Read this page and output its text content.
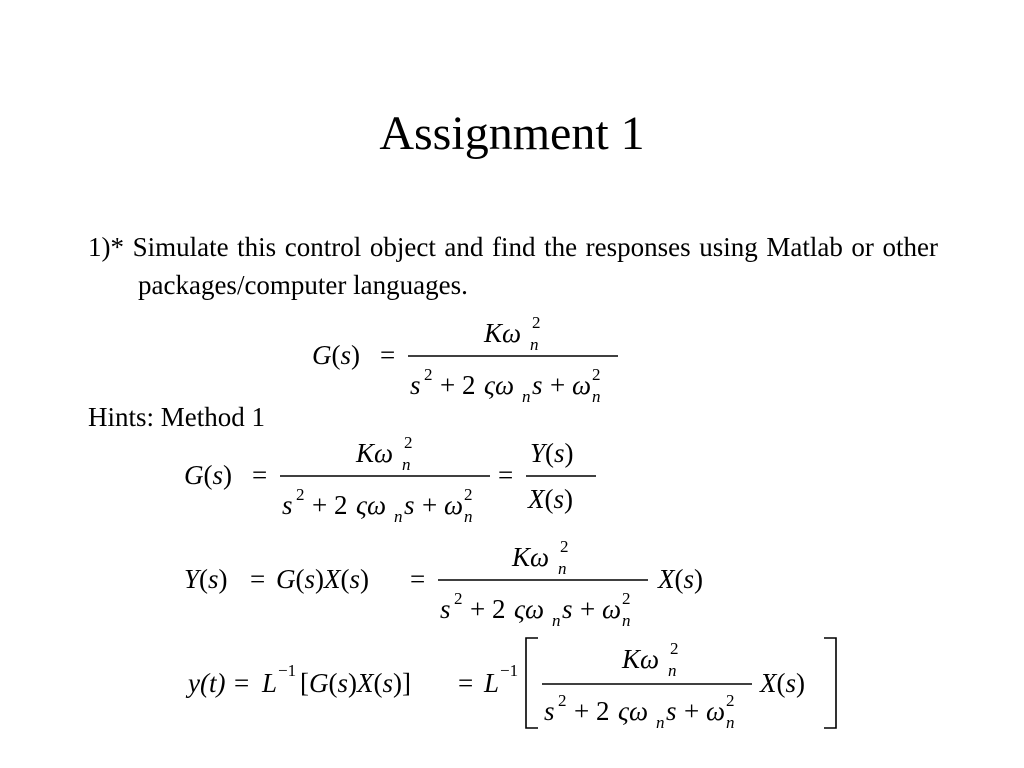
Assignment 1
1)* Simulate this control object and find the responses using Matlab or other packages/computer languages.
G(s) =
Kω 2
n
s 2 + 2 ςω n s + ω 2
n
Hints: Method 1
G(s) =
Kω 2
n
s 2 + 2 ςω n s + ω 2
n
=
Y(s)
X(s)
Y(s) = G(s)X(s) =
Kω 2
n
s 2 + 2 ςω n s + ω 2
n
X(s)
y(t) = L −1 [G(s)X(s)] = L −1	Kω 2
n
s 2 + 2 ςω n s + ω 2
n
X(s)
